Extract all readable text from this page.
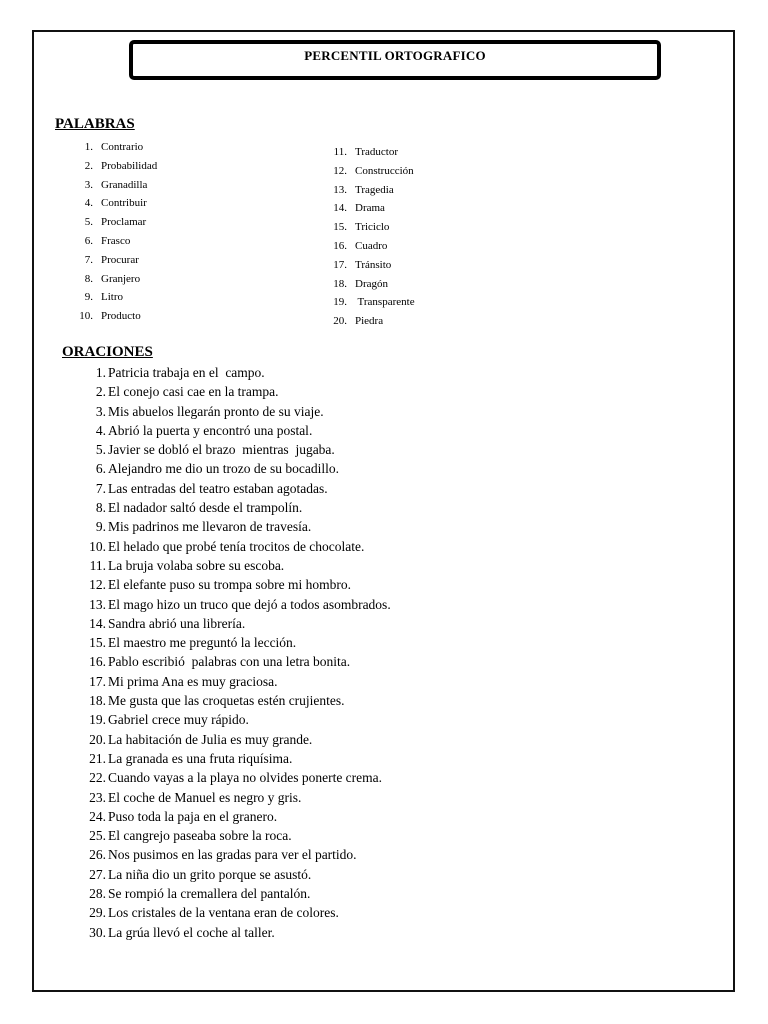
PERCENTIL ORTOGRAFICO
PALABRAS
1. Contrario
2. Probabilidad
3. Granadilla
4. Contribuir
5. Proclamar
6. Frasco
7. Procurar
8. Granjero
9. Litro
10. Producto
11. Traductor
12. Construcción
13. Tragedia
14. Drama
15. Triciclo
16. Cuadro
17. Tránsito
18. Dragón
19. Transparente
20. Piedra
ORACIONES
1. Patricia trabaja en el  campo.
2. El conejo casi cae en la trampa.
3. Mis abuelos llegarán pronto de su viaje.
4. Abrió la puerta y encontró una postal.
5. Javier se dobló el brazo  mientras  jugaba.
6. Alejandro me dio un trozo de su bocadillo.
7. Las entradas del teatro estaban agotadas.
8. El nadador saltó desde el trampolín.
9. Mis padrinos me llevaron de travesía.
10. El helado que probé tenía trocitos de chocolate.
11. La bruja volaba sobre su escoba.
12. El elefante puso su trompa sobre mi hombro.
13. El mago hizo un truco que dejó a todos asombrados.
14. Sandra abrió una librería.
15. El maestro me preguntó la lección.
16. Pablo escribió  palabras con una letra bonita.
17. Mi prima Ana es muy graciosa.
18. Me gusta que las croquetas estén crujientes.
19. Gabriel crece muy rápido.
20. La habitación de Julia es muy grande.
21. La granada es una fruta riquísima.
22. Cuando vayas a la playa no olvides ponerte crema.
23. El coche de Manuel es negro y gris.
24. Puso toda la paja en el granero.
25. El cangrejo paseaba sobre la roca.
26. Nos pusimos en las gradas para ver el partido.
27. La niña dio un grito porque se asustó.
28. Se rompió la cremallera del pantalón.
29. Los cristales de la ventana eran de colores.
30. La grúa llevó el coche al taller.
